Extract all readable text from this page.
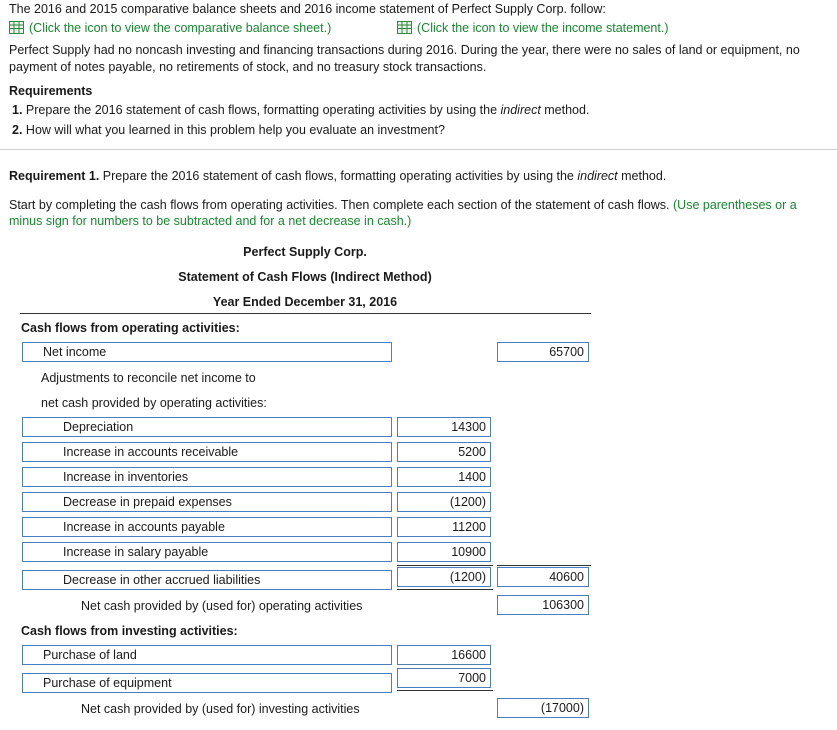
The 2016 and 2015 comparative balance sheets and 2016 income statement of Perfect Supply Corp. follow:
(Click the icon to view the comparative balance sheet.)	(Click the icon to view the income statement.)
Perfect Supply had no noncash investing and financing transactions during 2016. During the year, there were no sales of land or equipment, no
payment of notes payable, no retirements of stock, and no treasury stock transactions.
Requirements
1. Prepare the 2016 statement of cash flows, formatting operating activities by using the indirect method.
2. How will what you learned in this problem help you evaluate an investment?
Requirement 1. Prepare the 2016 statement of cash flows, formatting operating activities by using the indirect method.
Start by completing the cash flows from operating activities. Then complete each section of the statement of cash flows. (Use parentheses or a
minus sign for numbers to be subtracted and for a net decrease in cash.)
Perfect Supply Corp.
Statement of Cash Flows (Indirect Method)
Year Ended December 31, 2016
Cash flows from operating activities:
Net income	65700
Adjustments to reconcile net income to
net cash provided by operating activities:
Depreciation	14300
Increase in accounts receivable	5200
Increase in inventories	1400
Decrease in prepaid expenses	(1200)
Increase in accounts payable	11200
Increase in salary payable	10900
Decrease in other accrued liabilities	(1200)	40600
Net cash provided by (used for) operating activities	106300
Cash flows from investing activities:
Purchase of land	16600
Purchase of equipment	7000
Net cash provided by (used for) investing activities	(17000)
